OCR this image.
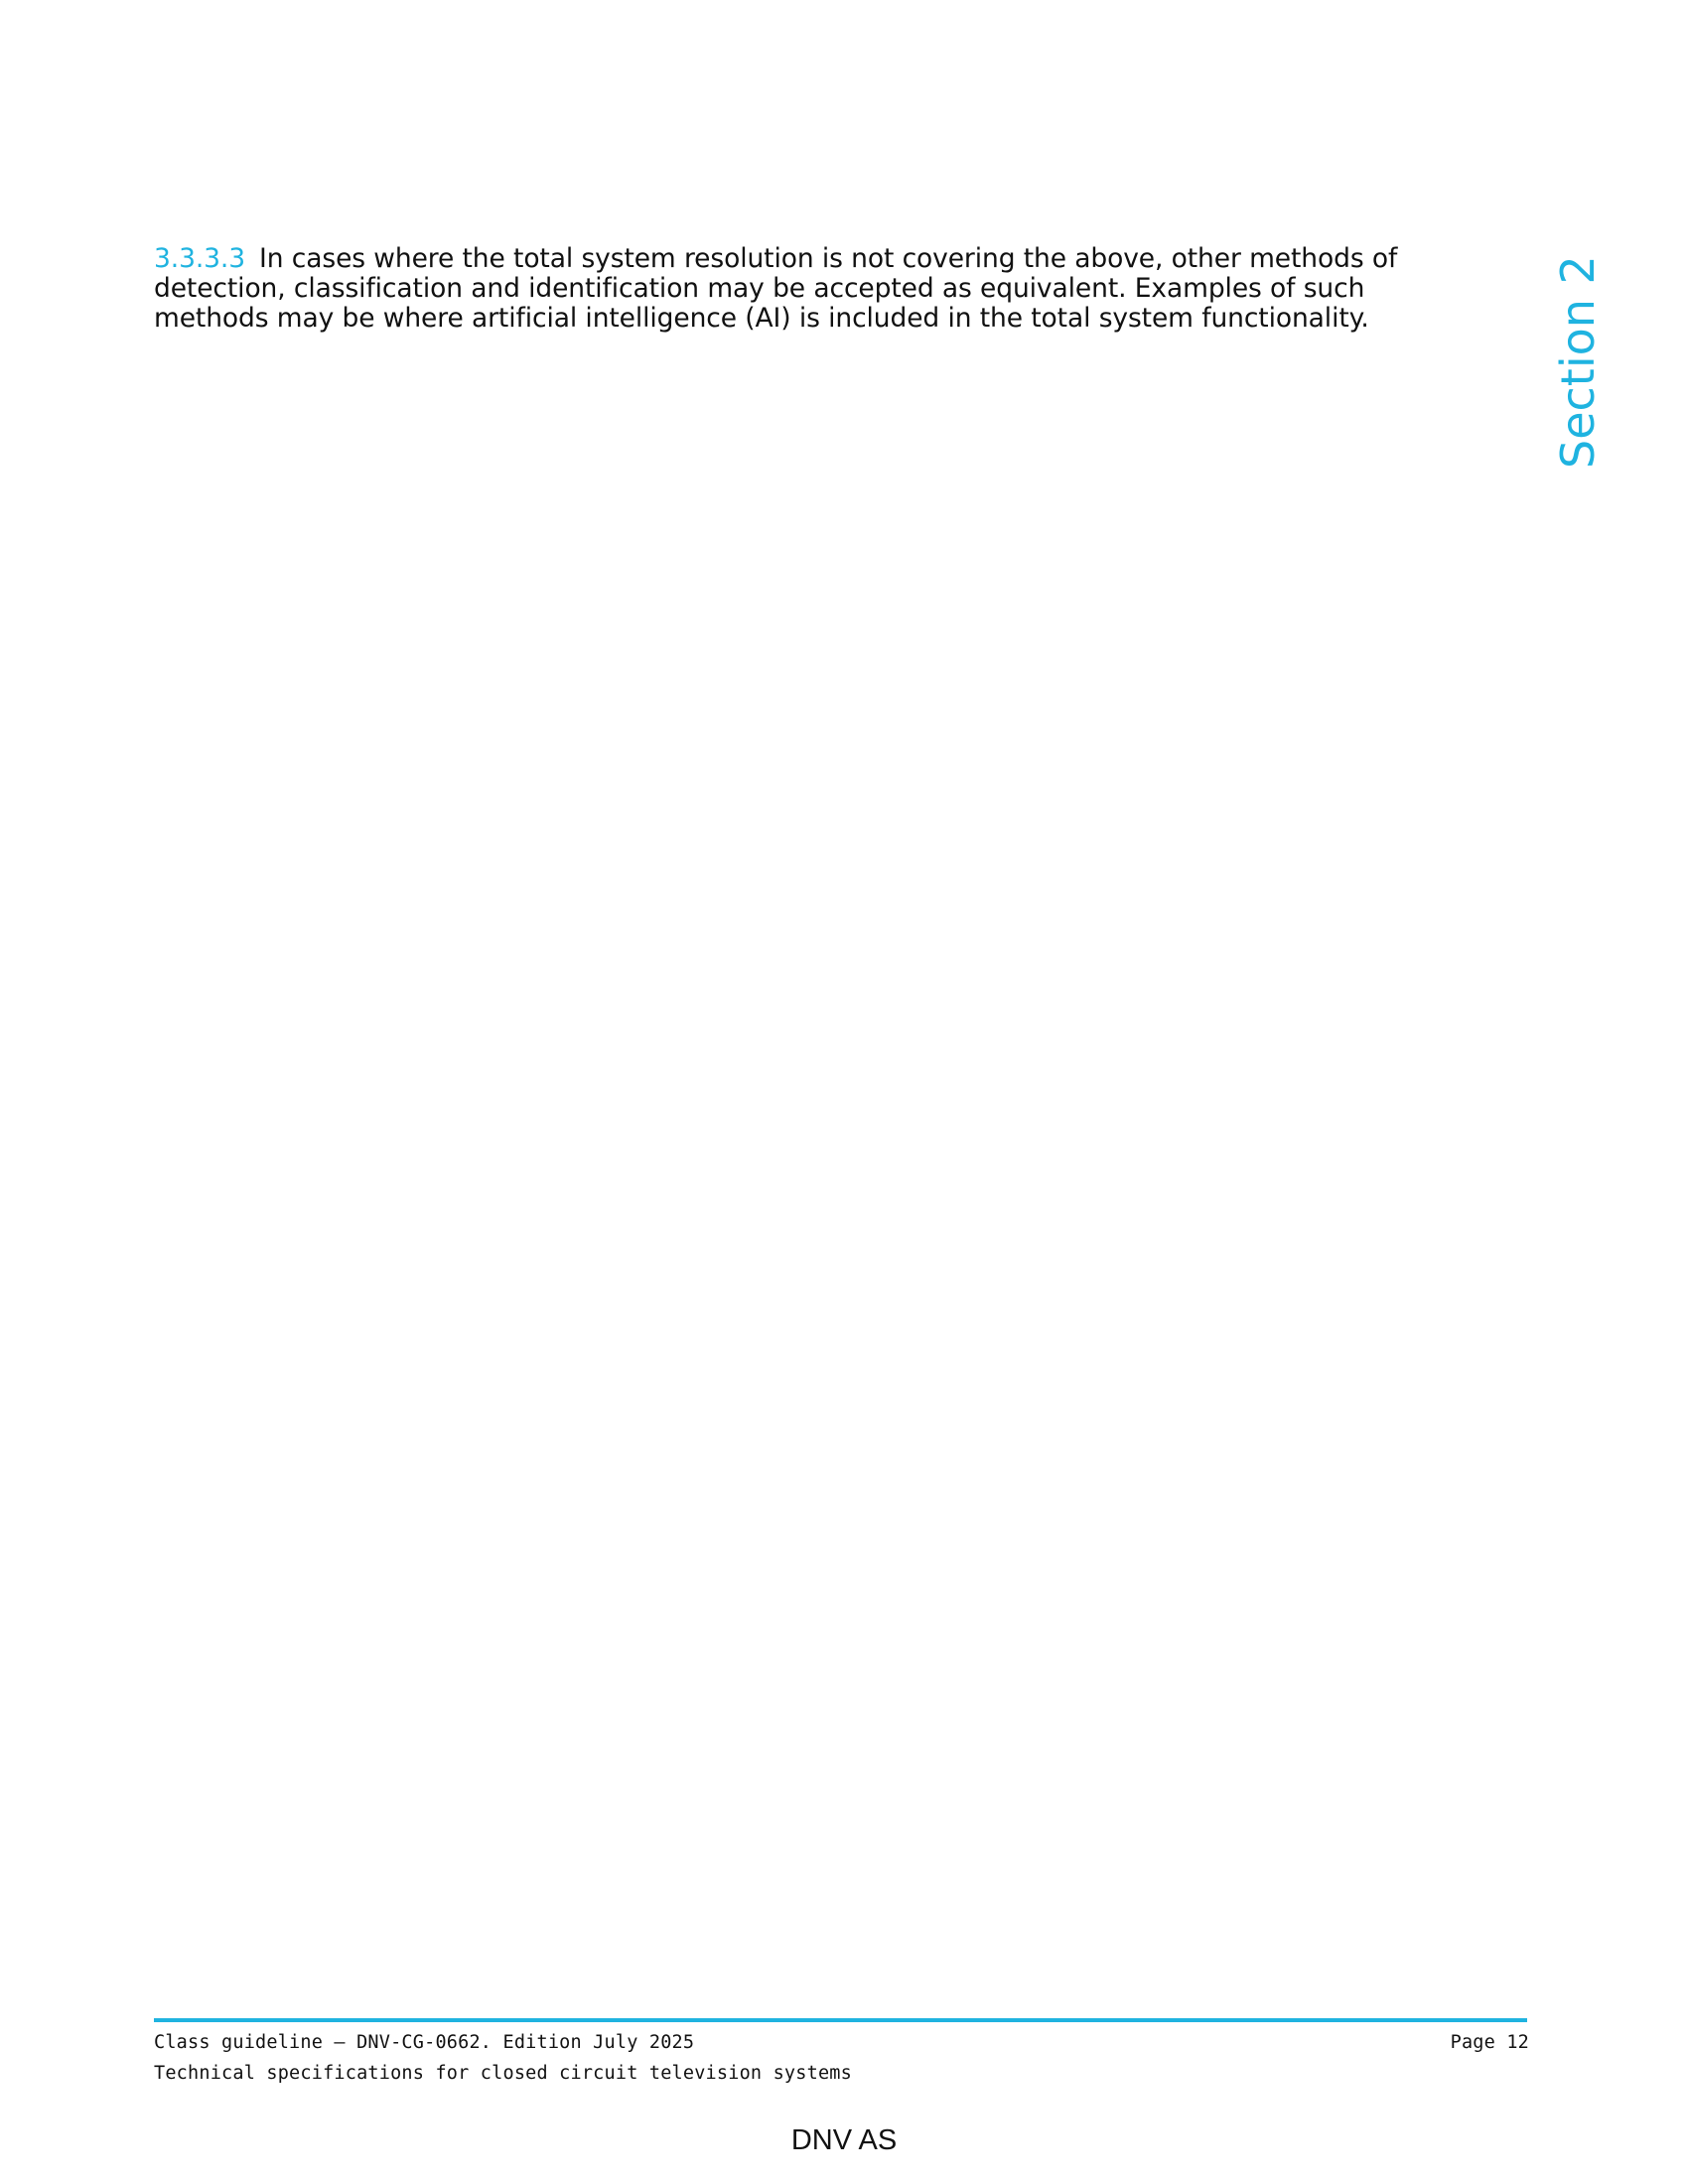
Section 2

3.3.3.3 In cases where the total system resolution is not covering the above, other methods of detection, classification and identification may be accepted as equivalent. Examples of such methods may be where artificial intelligence (AI) is included in the total system functionality.

Class guideline — DNV-CG-0662. Edition July 2025
Technical specifications for closed circuit television systems
Page 12
DNV AS
